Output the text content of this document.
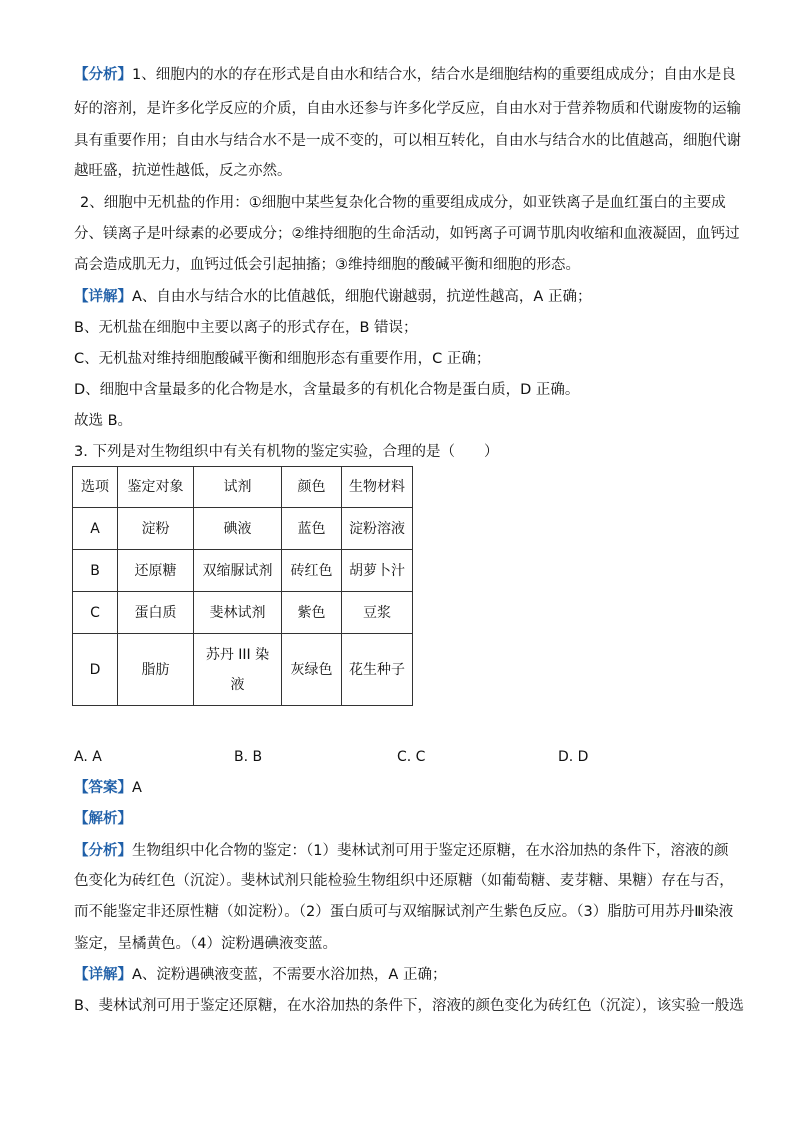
【分析】1、细胞内的水的存在形式是自由水和结合水，结合水是细胞结构的重要组成成分；自由水是良
好的溶剂，是许多化学反应的介质，自由水还参与许多化学反应，自由水对于营养物质和代谢废物的运输
具有重要作用；自由水与结合水不是一成不变的，可以相互转化，自由水与结合水的比值越高，细胞代谢
越旺盛，抗逆性越低，反之亦然。
2、细胞中无机盐的作用：①细胞中某些复杂化合物的重要组成成分，如亚铁离子是血红蛋白的主要成
分、镁离子是叶绿素的必要成分；②维持细胞的生命活动，如钙离子可调节肌肉收缩和血液凝固，血钙过
高会造成肌无力，血钙过低会引起抽搐；③维持细胞的酸碱平衡和细胞的形态。
【详解】A、自由水与结合水的比值越低，细胞代谢越弱，抗逆性越高，A 正确；
B、无机盐在细胞中主要以离子的形式存在，B 错误；
C、无机盐对维持细胞酸碱平衡和细胞形态有重要作用，C 正确；
D、细胞中含量最多的化合物是水，含量最多的有机化合物是蛋白质，D 正确。
故选 B。
3. 下列是对生物组织中有关有机物的鉴定实验，合理的是（　　）
选项	鉴定对象	试剂	颜色	生物材料
A	淀粉	碘液	蓝色	淀粉溶液
B	还原糖	双缩脲试剂	砖红色	胡萝卜汁
C	蛋白质	斐林试剂	紫色	豆浆
D	脂肪	苏丹 III 染
液	灰绿色	花生种子
A. A	B. B	C. C	D. D
【答案】A
【解析】
【分析】生物组织中化合物的鉴定：（1）斐林试剂可用于鉴定还原糖，在水浴加热的条件下，溶液的颜
色变化为砖红色（沉淀）。斐林试剂只能检验生物组织中还原糖（如葡萄糖、麦芽糖、果糖）存在与否，
而不能鉴定非还原性糖（如淀粉）。（2）蛋白质可与双缩脲试剂产生紫色反应。（3）脂肪可用苏丹Ⅲ染液
鉴定，呈橘黄色。（4）淀粉遇碘液变蓝。
【详解】A、淀粉遇碘液变蓝，不需要水浴加热，A 正确；
B、斐林试剂可用于鉴定还原糖，在水浴加热的条件下，溶液的颜色变化为砖红色（沉淀），该实验一般选
